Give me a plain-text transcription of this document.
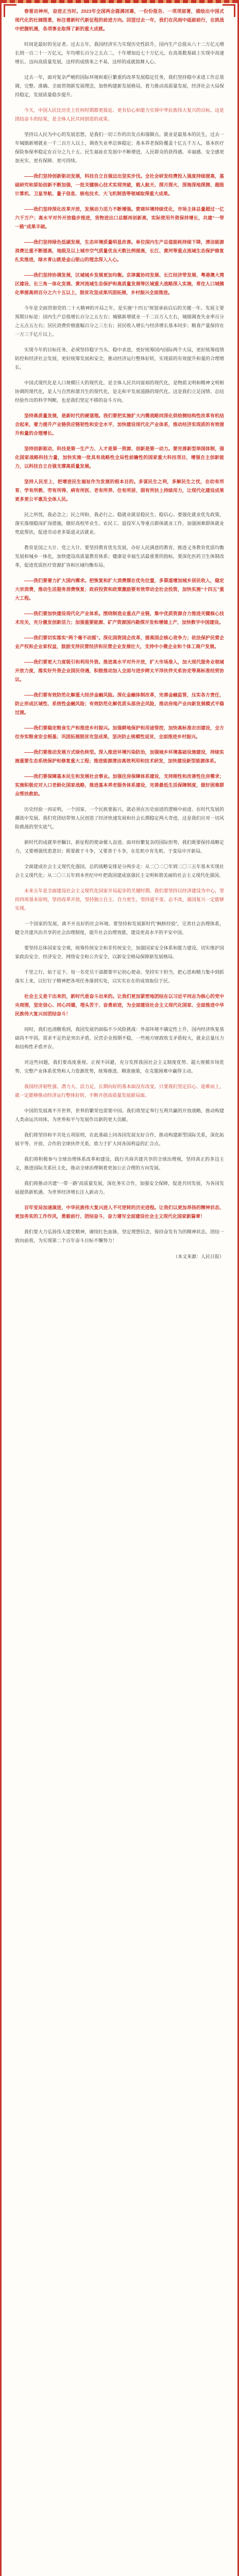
春雷动神州，奋进正当时。2023年全国两会圆满闭幕，一份份报告、一项项部署，描绘出中国式现代化的壮阔图景，标注着新时代新征程的前进方向。回望过去一年，我们在风雨中砥砺前行，在挑战中把握机遇，各项事业取得了新的重大成就。

时间是最好的见证者。过去五年，我国经济实力实现历史性跃升，国内生产总值从八十二万亿元增长到一百二十一万亿元，年均增长百分之五点二，十年增加近七十万亿元。在高基数基础上实现中高速增长、迈向高质量发展，这样的成绩来之不易，这样的成就鼓舞人心。

过去一年，面对复杂严峻的国际环境和艰巨繁重的改革发展稳定任务，我们坚持稳中求进工作总基调，完整、准确、全面贯彻新发展理念，加快构建新发展格局，着力推动高质量发展，经济社会大局保持稳定，发展质量稳步提升。

今天，中国人民比历史上任何时期都更接近、更有信心和能力实现中华民族伟大复兴的目标。这是团结奋斗的结果，是全体人民共同创造的成果。

坚持以人民为中心的发展思想，是我们一切工作的出发点和落脚点。就业是最基本的民生，过去一年城镇新增就业一千二百万人以上，调查失业率总体稳定；基本养老保险覆盖十亿五千万人，基本医疗保险参保率稳定在百分之九十五。民生福祉在发展中不断增进，人民群众的获得感、幸福感、安全感更加充实、更有保障、更可持续。

——我们坚持创新驱动发展，科技自立自强迈出坚实步伐。全社会研发经费投入强度持续提高，基础研究和原始创新不断加强，一批关键核心技术实现突破，载人航天、探月探火、深海深地探测、超级计算机、卫星导航、量子信息、核电技术、大飞机制造等领域取得重大成果。

——我们坚持深化改革开放，发展动力活力不断增强。营商环境持续优化，市场主体总量超过一亿六千万户；高水平对外开放稳步推进，货物进出口总额再创新高，实际使用外资保持增长，共建“一带一路”成果丰硕。

——我们坚持绿色低碳发展，生态环境质量明显改善。单位国内生产总值能耗持续下降，清洁能源消费比重不断提高，地级及以上城市空气质量优良天数比例提高，长江、黄河等重点流域生态保护修复扎实推进，绿水青山就是金山银山的理念深入人心。

——我们坚持协调发展，区域城乡发展更加均衡。京津冀协同发展、长江经济带发展、粤港澳大湾区建设、长三角一体化发展、黄河流域生态保护和高质量发展等区域重大战略深入实施，常住人口城镇化率提高到百分之六十五以上，脱贫攻坚成果巩固拓展，乡村振兴全面推进。

今年是全面贯彻党的二十大精神的开局之年，是实施“十四五”规划承前启后的关键一年。发展主要预期目标是：国内生产总值增长百分之五左右；城镇新增就业一千二百万人左右，城镇调查失业率百分之五点五左右；居民消费价格涨幅百分之三左右；居民收入增长与经济增长基本同步；粮食产量保持在一万三千亿斤以上。

实现今年的目标任务，必须坚持稳字当头、稳中求进，更好统筹国内国际两个大局，更好统筹疫情防控和经济社会发展，更好统筹发展和安全，推动经济运行整体好转，实现质的有效提升和量的合理增长。

中国式现代化是人口规模巨大的现代化，是全体人民共同富裕的现代化，是物质文明和精神文明相协调的现代化，是人与自然和谐共生的现代化，是走和平发展道路的现代化。这是我们立足国情、总结经验作出的科学判断，也是我们坚定不移的奋斗方向。

坚持高质量发展，是新时代的硬道理。我们要把实施扩大内需战略同深化供给侧结构性改革有机结合起来，着力提升产业链供应链韧性和安全水平，加快建设现代化产业体系，推动经济实现质的有效提升和量的合理增长。

坚持创新驱动，科技是第一生产力、人才是第一资源、创新是第一动力。要完善新型举国体制，强化国家战略科技力量，加快实施一批具有战略性全局性前瞻性的国家重大科技项目，增强自主创新能力，以科技自立自强支撑高质量发展。

坚持人民至上，把增进民生福祉作为发展的根本目的。多谋民生之利，多解民生之忧，在幼有所育、学有所教、劳有所得、病有所医、老有所养、住有所居、弱有所扶上持续用力，让现代化建设成果更多更公平惠及全体人民。

民之所忧，我必念之；民之所盼，我必行之。稳就业就是稳民生、稳信心。要强化就业优先政策，落实落细稳岗扩岗措施，做好高校毕业生、农民工、退役军人等重点群体就业工作，加强困难群体就业兜底帮扶，促进劳动者多渠道灵活就业。

教育是国之大计、党之大计。要坚持教育优先发展，办好人民满意的教育，推进义务教育优质均衡发展和城乡一体化，加快建设高质量教育体系；健康是幸福生活最重要的指标，要深化医药卫生体制改革，促进优质医疗资源扩容和区域均衡布局。

——我们要着力扩大国内需求。把恢复和扩大消费摆在优先位置，多渠道增加城乡居民收入，稳定大宗消费，推动生活服务消费恢复；政府投资和政策激励要有效带动全社会投资，加快实施“十四五”重大工程。

——我们要加快建设现代化产业体系。围绕制造业重点产业链，集中优质资源合力推进关键核心技术攻关，充分激发创新活力；加强重要能源、矿产资源国内勘探开发和增储上产，加快数字中国建设。

——我们要切实落实“两个毫不动摇”。深化国资国企改革，提高国企核心竞争力；依法保护民营企业产权和企业家权益，鼓励支持民营经济和民营企业发展壮大，支持中小微企业和个体工商户发展。

——我们要更大力度吸引和利用外资。推进高水平对外开放，扩大市场准入，加大现代服务业领域开放力度，落实好外资企业国民待遇，积极推动加入全面与进步跨太平洋伙伴关系协定等高标准经贸协议。

——我们要有效防范化解重大经济金融风险。深化金融体制改革，完善金融监管，压实各方责任，防止形成区域性、系统性金融风险；有效防范化解优质头部房企风险，推动房地产业向新发展模式平稳过渡。

——我们要稳定粮食生产和推进乡村振兴。加强耕地保护和用途管控，加快高标准农田建设，全方位夯实粮食安全根基；巩固拓展脱贫攻坚成果，坚决防止规模性返贫，全面推进乡村振兴。

——我们要推动发展方式绿色转型。深入推进环境污染防治，加强城乡环境基础设施建设，持续实施重要生态系统保护和修复重大工程；推进能源清洁高效利用和技术研发，加快建设新型能源体系。

——我们要保障基本民生和发展社会事业。加强住房保障体系建设，支持刚性和改善性住房需求；实施积极应对人口老龄化国家战略，推进基本养老服务体系建设，完善最低生活保障制度，做好困难群众帮扶救助。

历史经验一再证明，一个国家、一个民族要振兴，就必须在历史前进的逻辑中前进、在时代发展的潮流中发展。我们党团结带领人民创造了经济快速发展和社会长期稳定两大奇迹，这是我们应对一切风险挑战的坚实底气。

新时代的成就举世瞩目，新征程的使命催人奋进。面对纷繁复杂的国际形势，我们既要保持战略定力，又要增强忧患意识；既要敢于斗争，又要善于斗争，在危机中育先机、于变局中开新局。

全面建成社会主义现代化强国，总的战略安排是分两步走：从二〇二〇年到二〇三五年基本实现社会主义现代化；从二〇三五年到本世纪中叶把我国建成富强民主文明和谐美丽的社会主义现代化强国。

未来五年是全面建设社会主义现代化国家开局起步的关键时期。我们要坚持以经济建设为中心，坚持四项基本原则，坚持改革开放，坚持独立自主、自力更生，坚持道不变、志不改，强国复兴一定能够实现。

一个国家的发展，离不开良好的社会环境。要坚持和发展新时代“枫桥经验”，完善社会治理体系，健全共建共治共享的社会治理制度，提升社会治理效能，建设更高水平的平安中国。

要坚持总体国家安全观，统筹传统安全和非传统安全，加强国家安全体系和能力建设，切实维护国家政治安全、经济安全、网络安全和公共安全，以新安全格局保障新发展格局。

千里之行，始于足下。每一名党员干部都要牢记初心使命，坚持实干担当，把心思和精力集中到抓落实上来，以钉钉子精神把各项任务落到实处，以实实在在的成效取信于民。

社会主义是干出来的，新时代是奋斗出来的。让我们更加紧密地团结在以习近平同志为核心的党中央周围，坚定信心、同心同德，埋头苦干、奋勇前进，为全面建设社会主义现代化国家、全面推进中华民族伟大复兴而团结奋斗！

同时，我们也清醒看到，我国发展仍面临不少风险挑战：外部环境不确定性上升，国内经济恢复基础尚不牢固，需求不足仍是突出矛盾，民营企业预期不稳，一些地方财政收支矛盾较大，就业总量压力和结构性矛盾并存。

对这些问题，我们要高度重视、正视不回避，充分发挥我国社会主义制度优势、超大规模市场优势、完整产业体系优势和人力资源优势，统筹推进、精准施策，在克服困难中赢得主动。

我国经济韧性强、潜力大、活力足，长期向好的基本面没有改变。只要我们坚定信心、迎难而上，就一定能够推动经济运行整体好转，不断开创高质量发展新局面。

中国的发展离不开世界，世界的繁荣也需要中国。我们将坚定奉行互利共赢的开放战略，推动构建人类命运共同体，为世界和平与发展作出新的更大贡献。

我们将坚持和平共处五项原则，在此基础上同各国发展友好合作，推动构建新型国际关系，深化拓展平等、开放、合作的全球伙伴关系，致力于扩大同各国利益的汇合点。

我们将积极参与全球治理体系改革和建设，践行共商共建共享的全球治理观，坚持真正的多边主义，推进国际关系民主化，推动全球治理朝着更加公正合理的方向发展。

我们将推动共建“一带一路”高质量发展，深化务实合作，加强安全保障，促进共同发展，为各国发展提供新机遇、为世界经济增长注入新动力。

百年变局加速演进，中华民族伟大复兴进入不可逆转的历史进程。让我们以更加昂扬的精神状态、更加务实的工作作风，勇毅前行、团结奋斗，奋力谱写全面建设社会主义现代化国家新篇章！

我们要大力弘扬伟大建党精神，赓续红色血脉，坚定理想信念，保持奋发有为的精神状态，团结一致向前看，为实现第二个百年奋斗目标不懈努力！

（本文来源：人民日报）
